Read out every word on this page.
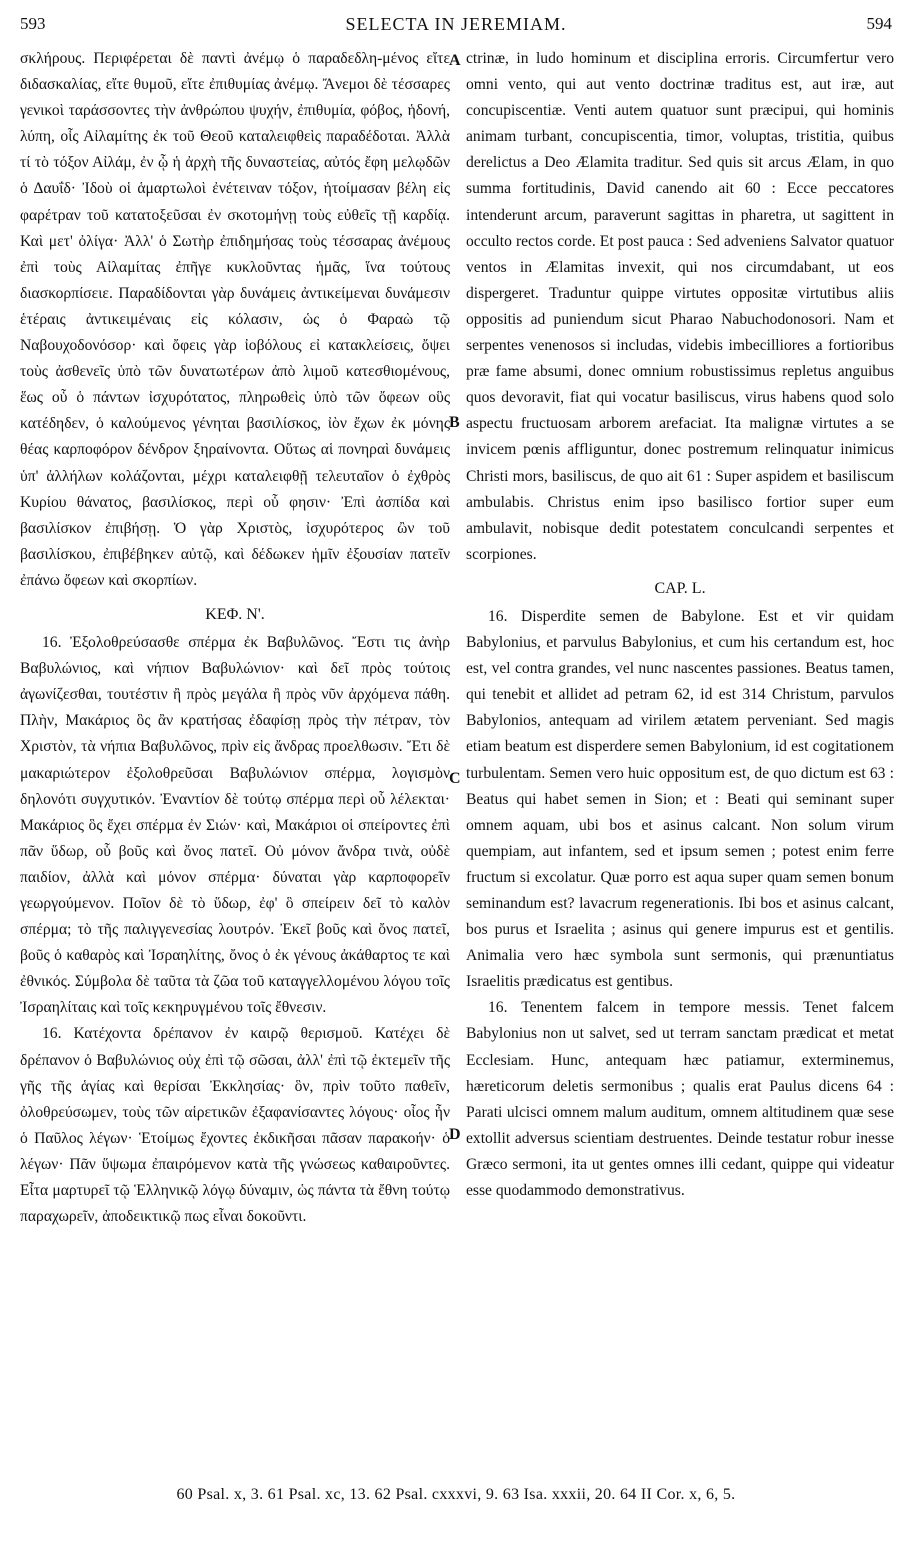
593	SELECTA IN JEREMIAM.	594

σκλήρους. Περιφέρεται δὲ παντὶ ἀνέμῳ ὁ παραδεδλη-μένος εἴτε διδασκαλίας, εἴτε θυμοῦ, εἴτε ἐπιθυμίας ἀνέμῳ. Ἄνεμοι δὲ τέσσαρες γενικοὶ ταράσσοντες τὴν ἀνθρώπου ψυχήν, ἐπιθυμία, φόβος, ἡδονή, λύπη, οἷς Αἰλαμίτης ἐκ τοῦ Θεοῦ καταλειφθεὶς παραδέδοται. Ἀλλὰ τί τὸ τόξον Αἰλάμ, ἐν ᾧ ἡ ἀρχὴ τῆς δυναστείας, αὐτός ἔφη μελῳδῶν ὁ Δαυΐδ· Ἰδοὺ οἱ ἁμαρτωλοὶ ἐνέτειναν τόξον, ἡτοίμασαν βέλη εἰς φαρέτραν τοῦ κατατοξεῦσαι ἐν σκοτομήνῃ τοὺς εὐθεῖς τῇ καρδίᾳ. Καὶ μετ' ὀλίγα· Ἀλλ' ὁ Σωτὴρ ἐπιδημήσας τοὺς τέσσαρας ἀνέμους ἐπὶ τοὺς Αἰλαμίτας ἐπῆγε κυκλοῦντας ἡμᾶς, ἵνα τούτους διασκορπίσειε. Παραδίδονται γὰρ δυνάμεις ἀντικείμεναι δυνάμεσιν ἑτέραις ἀντικειμέναις εἰς κόλασιν, ὡς ὁ Φαραὼ τῷ Ναβουχοδονόσορ· καὶ ὄφεις γὰρ ἰοβόλους εἰ κατακλείσεις, ὄψει τοὺς ἀσθενεῖς ὑπὸ τῶν δυνατωτέρων ἀπὸ λιμοῦ κατεσθιομένους, ἕως οὗ ὁ πάντων ἰσχυρότατος, πληρωθεὶς ὑπὸ τῶν ὄφεων οὓς κατέδηδεν, ὁ καλούμενος γένηται βασιλίσκος, ἰὸν ἔχων ἐκ μόνης θέας καρποφόρον δένδρον ξηραίνοντα. Οὕτως αἱ πονηραὶ δυνάμεις ὑπ' ἀλλήλων κολάζονται, μέχρι καταλειφθῇ τελευταῖον ὁ ἐχθρὸς Κυρίου θάνατος, βασιλίσκος, περὶ οὗ φησιν· Ἐπὶ ἀσπίδα καὶ βασιλίσκον ἐπιβήσῃ. Ὁ γὰρ Χριστὸς, ἰσχυρότερος ὢν τοῦ βασιλίσκου, ἐπιβέβηκεν αὐτῷ, καὶ δέδωκεν ἡμῖν ἐξουσίαν πατεῖν ἐπάνω ὄφεων καὶ σκορπίων.

ΚΕΦ. Ν'.

16. Ἐξολοθρεύσασθε σπέρμα ἐκ Βαβυλῶνος. Ἔστι τις ἀνὴρ Βαβυλώνιος, καὶ νήπιον Βαβυλώνιον· καὶ δεῖ πρὸς τούτοις ἀγωνίζεσθαι, τουτέστιν ἢ πρὸς μεγάλα ἢ πρὸς νῦν ἀρχόμενα πάθη. Πλὴν, Μακάριος ὃς ἂν κρατήσας ἐδαφίσῃ πρὸς τὴν πέτραν, τὸν Χριστὸν, τὰ νήπια Βαβυλῶνος, πρὶν εἰς ἄνδρας προελθωσιν. Ἔτι δὲ μακαριώτερον ἐξολοθρεῦσαι Βαβυλώνιον σπέρμα, λογισμὸν δηλονότι συγχυτικόν. Ἐναντίον δὲ τούτῳ σπέρμα περὶ οὗ λέλεκται· Μακάριος ὃς ἔχει σπέρμα ἐν Σιών· καὶ, Μακάριοι οἱ σπείροντες ἐπὶ πᾶν ὕδωρ, οὗ βοῦς καὶ ὄνος πατεῖ. Οὐ μόνον ἄνδρα τινὰ, οὐδὲ παιδίον, ἀλλὰ καὶ μόνον σπέρμα· δύναται γὰρ καρποφορεῖν γεωργούμενον. Ποῖον δὲ τὸ ὕδωρ, ἐφ' ὃ σπείρειν δεῖ τὸ καλὸν σπέρμα; τὸ τῆς παλιγγενεσίας λουτρόν. Ἐκεῖ βοῦς καὶ ὄνος πατεῖ, βοῦς ὁ καθαρὸς καὶ Ἰσραηλίτης, ὄνος ὁ ἐκ γένους ἀκάθαρτος τε καὶ ἐθνικός. Σύμβολα δὲ ταῦτα τὰ ζῶα τοῦ καταγγελλομένου λόγου τοῖς Ἰσραηλίταις καὶ τοῖς κεκηρυγμένου τοῖς ἔθνεσιν.

16. Κατέχοντα δρέπανον ἐν καιρῷ θερισμοῦ. Κατέχει δὲ δρέπανον ὁ Βαβυλώνιος οὐχ ἐπὶ τῷ σῶσαι, ἀλλ' ἐπὶ τῷ ἐκτεμεῖν τῆς γῆς τῆς ἁγίας καὶ θερίσαι Ἐκκλησίας· ὃν, πρὶν τοῦτο παθεῖν, ὀλοθρεύσωμεν, τοὺς τῶν αἱρετικῶν ἐξαφανίσαντες λόγους· οἷος ἦν ὁ Παῦλος λέγων· Ἑτοίμως ἔχοντες ἐκδικῆσαι πᾶσαν παρακοήν· ὁ λέγων· Πᾶν ὕψωμα ἐπαιρόμενον κατὰ τῆς γνώσεως καθαιροῦντες. Εἶτα μαρτυρεῖ τῷ Ἑλληνικῷ λόγῳ δύναμιν, ὡς πάντα τὰ ἔθνη τούτῳ παραχωρεῖν, ἀποδεικτικῷ πως εἶναι δοκοῦντι.

A
B
C
D

ctrinæ, in ludo hominum et disciplina erroris. Circumfertur vero omni vento, qui aut vento doctrinæ traditus est, aut iræ, aut concupiscentiæ. Venti autem quatuor sunt præcipui, qui hominis animam turbant, concupiscentia, timor, voluptas, tristitia, quibus derelictus a Deo Ælamita traditur. Sed quis sit arcus Ælam, in quo summa fortitudinis, David canendo ait 60 : Ecce peccatores intenderunt arcum, paraverunt sagittas in pharetra, ut sagittent in occulto rectos corde. Et post pauca : Sed adveniens Salvator quatuor ventos in Ælamitas invexit, qui nos circumdabant, ut eos dispergeret. Traduntur quippe virtutes oppositæ virtutibus aliis oppositis ad puniendum sicut Pharao Nabuchodonosori. Nam et serpentes venenosos si includas, videbis imbecilliores a fortioribus præ fame absumi, donec omnium robustissimus repletus anguibus quos devoravit, fiat qui vocatur basiliscus, virus habens quod solo aspectu fructuosam arborem arefaciat. Ita malignæ virtutes a se invicem pœnis affliguntur, donec postremum relinquatur inimicus Christi mors, basiliscus, de quo ait 61 : Super aspidem et basiliscum ambulabis. Christus enim ipso basilisco fortior super eum ambulavit, nobisque dedit potestatem conculcandi serpentes et scorpiones.

CAP. L.

16. Disperdite semen de Babylone. Est et vir quidam Babylonius, et parvulus Babylonius, et cum his certandum est, hoc est, vel contra grandes, vel nunc nascentes passiones. Beatus tamen, qui tenebit et allidet ad petram 62, id est 314 Christum, parvulos Babylonios, antequam ad virilem ætatem perveniant. Sed magis etiam beatum est disperdere semen Babylonium, id est cogitationem turbulentam. Semen vero huic oppositum est, de quo dictum est 63 : Beatus qui habet semen in Sion; et : Beati qui seminant super omnem aquam, ubi bos et asinus calcant. Non solum virum quempiam, aut infantem, sed et ipsum semen ; potest enim ferre fructum si excolatur. Quæ porro est aqua super quam semen bonum seminandum est? lavacrum regenerationis. Ibi bos et asinus calcant, bos purus et Israelita ; asinus qui genere impurus est et gentilis. Animalia vero hæc symbola sunt sermonis, qui prænuntiatus Israelitis prædicatus est gentibus.

16. Tenentem falcem in tempore messis. Tenet falcem Babylonius non ut salvet, sed ut terram sanctam prædicat et metat Ecclesiam. Hunc, antequam hæc patiamur, exterminemus, hæreticorum deletis sermonibus ; qualis erat Paulus dicens 64 : Parati ulcisci omnem malum auditum, omnem altitudinem quæ sese extollit adversus scientiam destruentes. Deinde testatur robur inesse Græco sermoni, ita ut gentes omnes illi cedant, quippe qui videatur esse quodammodo demonstrativus.

60 Psal. x, 3. 61 Psal. xc, 13. 62 Psal. cxxxvi, 9. 63 Isa. xxxii, 20. 64 II Cor. x, 6, 5.
